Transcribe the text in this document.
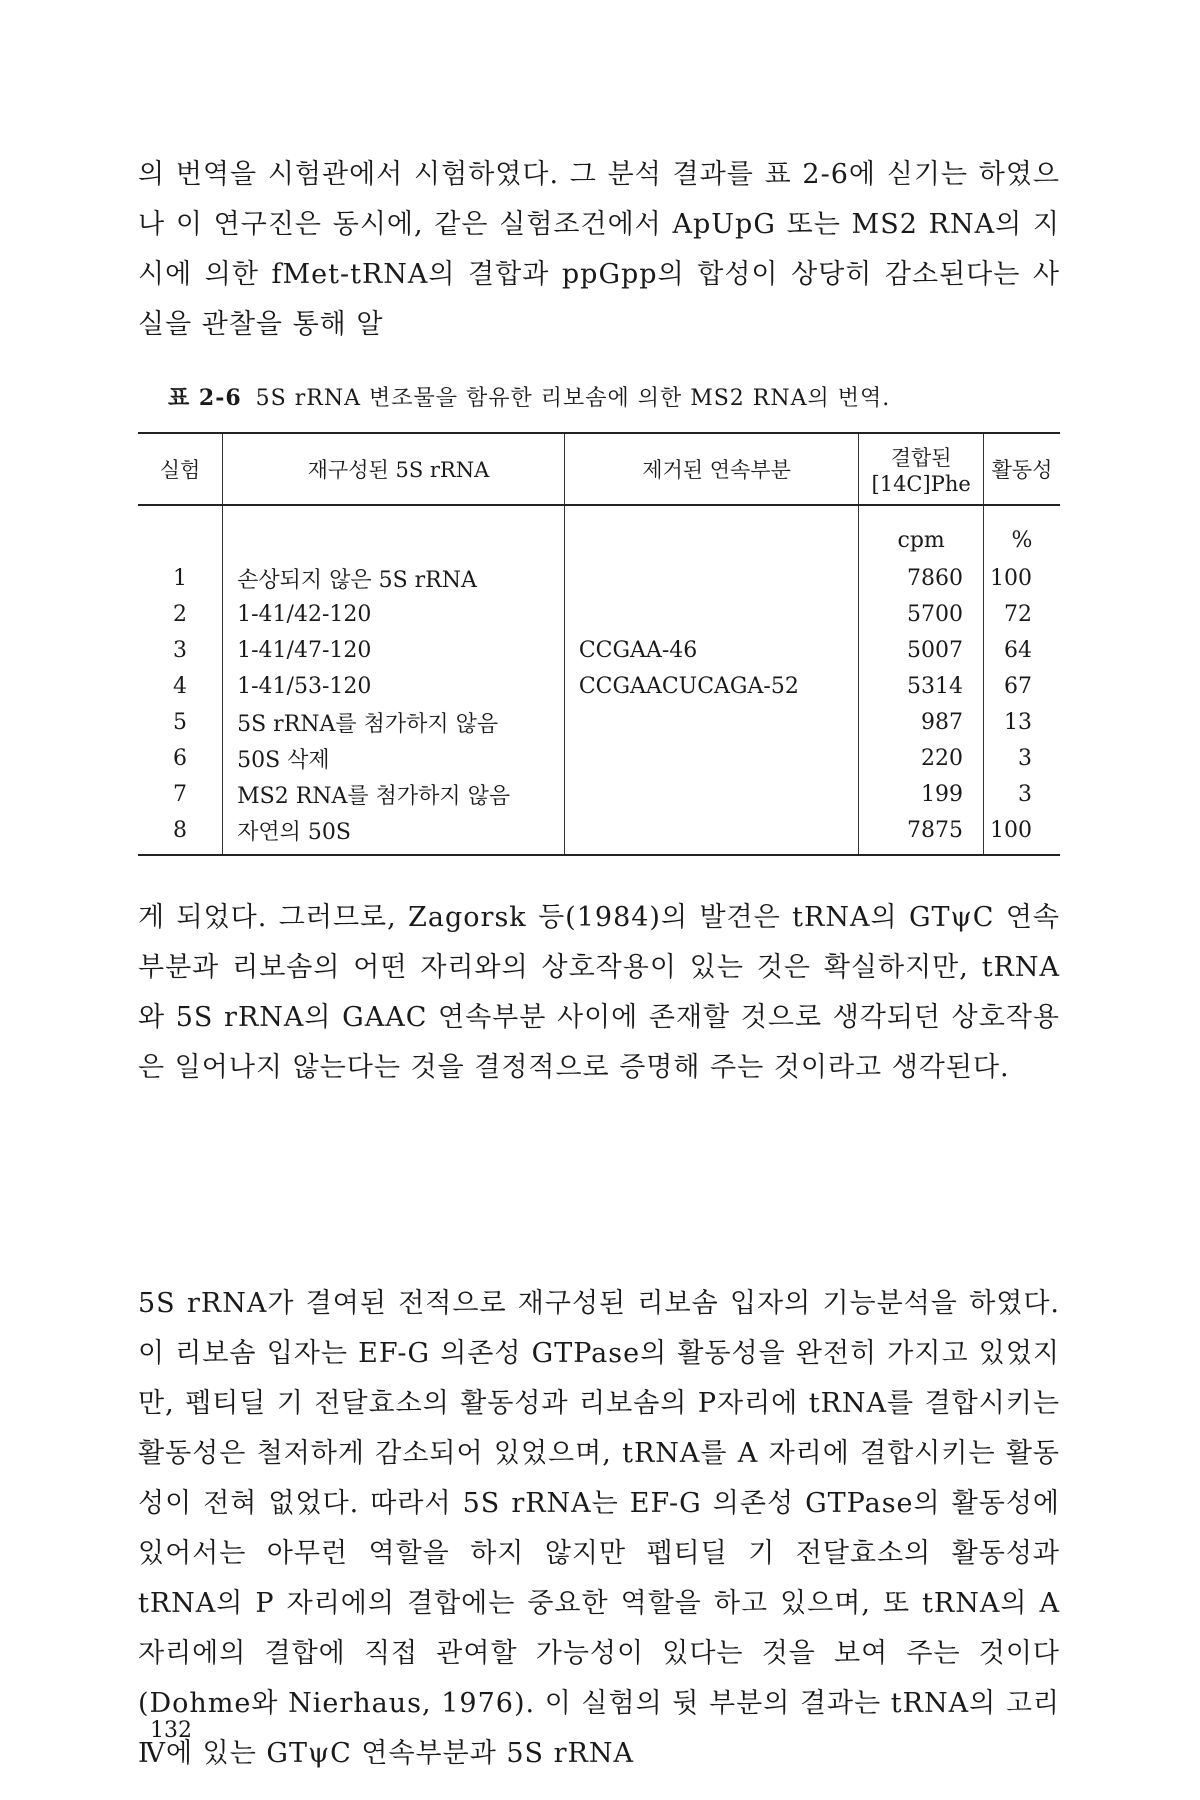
의 번역을 시험관에서 시험하였다. 그 분석 결과를 표 2-6에 싣기는 하였으나 이 연구진은 동시에, 같은 실험조건에서 ApUpG 또는 MS2 RNA의 지시에 의한 fMet-tRNA의 결합과 ppGpp의 합성이 상당히 감소된다는 사실을 관찰을 통해 알

표 2-6 5S rRNA 변조물을 함유한 리보솜에 의한 MS2 RNA의 번역.

실험	재구성된 5S rRNA	제거된 연속부분	결합된
[14C]Phe	활동성
			cpm	%
1	손상되지 않은 5S rRNA		7860	100
2	1-41/42-120		5700	72
3	1-41/47-120	CCGAA-46	5007	64
4	1-41/53-120	CCGAACUCAGA-52	5314	67
5	5S rRNA를 첨가하지 않음		987	13
6	50S 삭제		220	3
7	MS2 RNA를 첨가하지 않음		199	3
8	자연의 50S		7875	100

게 되었다. 그러므로, Zagorsk 등(1984)의 발견은 tRNA의 GTψC 연속부분과 리보솜의 어떤 자리와의 상호작용이 있는 것은 확실하지만, tRNA와 5S rRNA의 GAAC 연속부분 사이에 존재할 것으로 생각되던 상호작용은 일어나지 않는다는 것을 결정적으로 증명해 주는 것이라고 생각된다.

5S rRNA가 결여된 전적으로 재구성된 리보솜 입자의 기능분석을 하였다. 이 리보솜 입자는 EF-G 의존성 GTPase의 활동성을 완전히 가지고 있었지만, 펩티딜 기 전달효소의 활동성과 리보솜의 P자리에 tRNA를 결합시키는 활동성은 철저하게 감소되어 있었으며, tRNA를 A 자리에 결합시키는 활동성이 전혀 없었다. 따라서 5S rRNA는 EF-G 의존성 GTPase의 활동성에 있어서는 아무런 역할을 하지 않지만 펩티딜 기 전달효소의 활동성과 tRNA의 P 자리에의 결합에는 중요한 역할을 하고 있으며, 또 tRNA의 A 자리에의 결합에 직접 관여할 가능성이 있다는 것을 보여 주는 것이다(Dohme와 Nierhaus, 1976). 이 실험의 뒷 부분의 결과는 tRNA의 고리 Ⅳ에 있는 GTψC 연속부분과 5S rRNA

132
